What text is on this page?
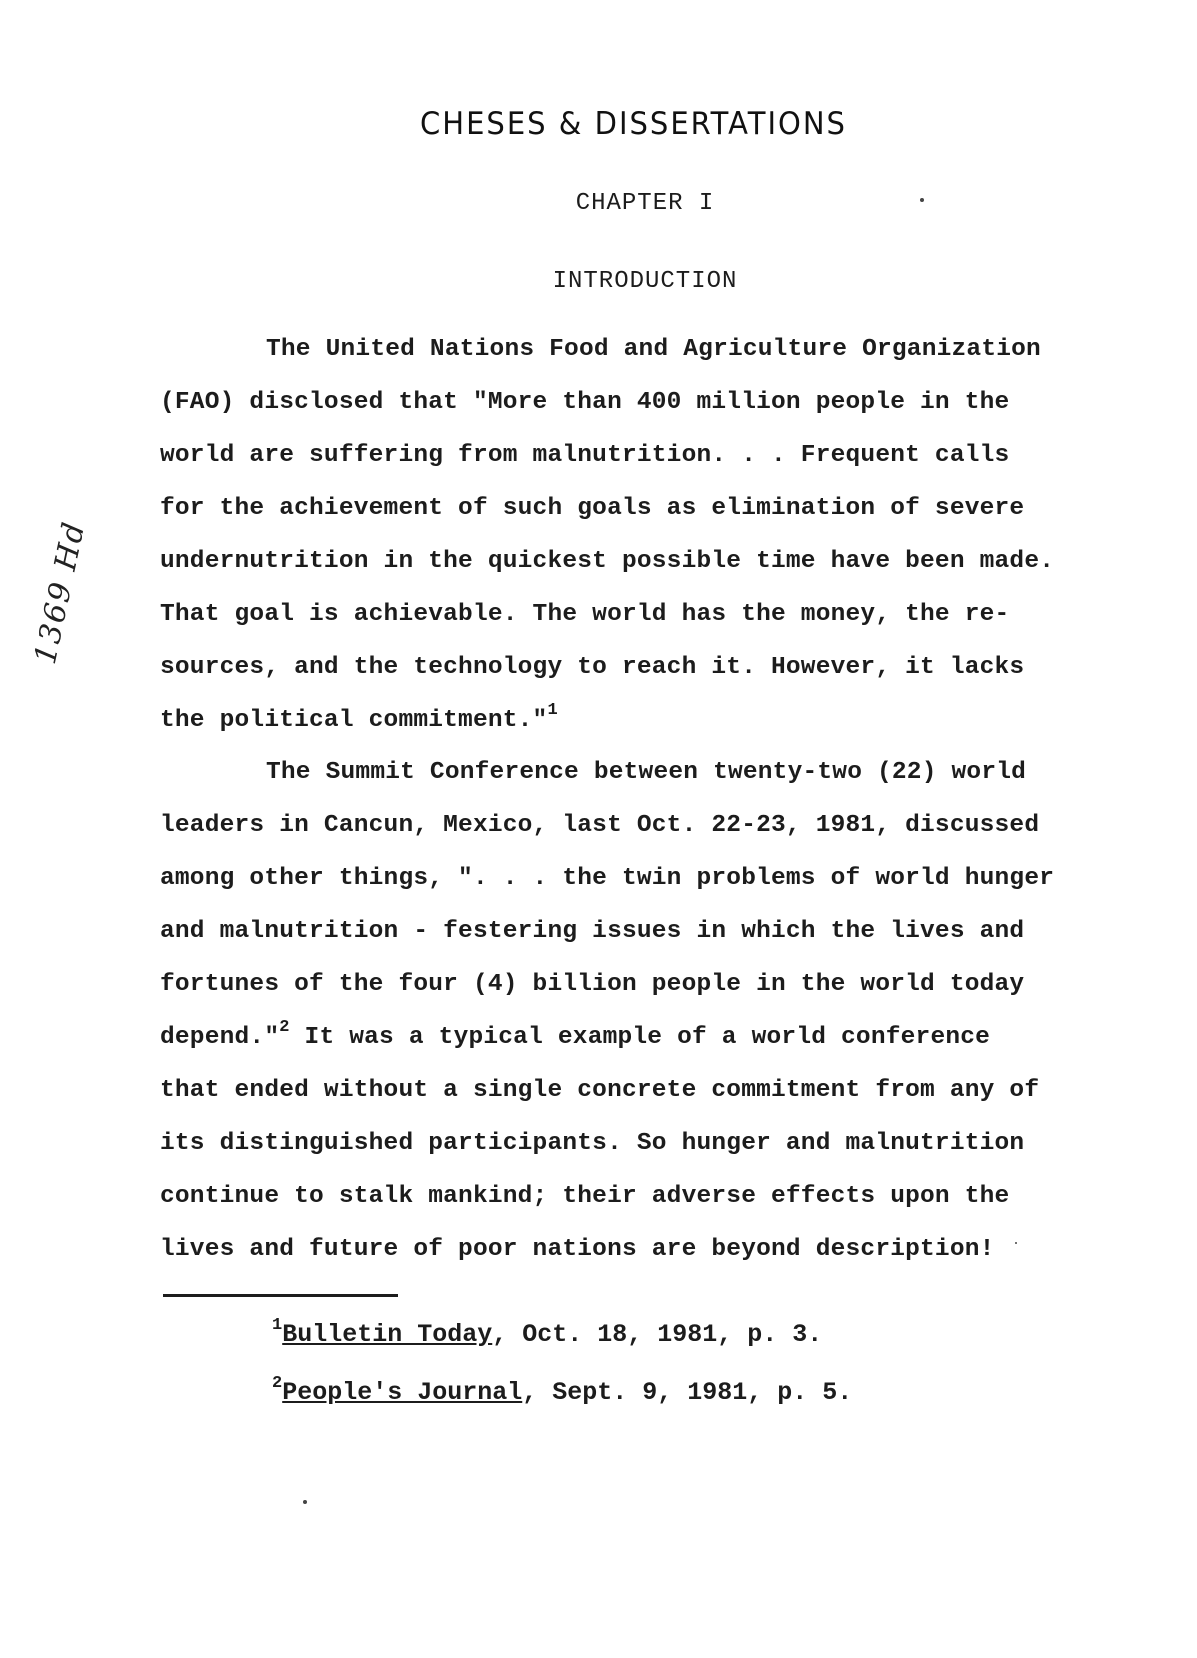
CHESES & DISSERTATIONS
CHAPTER I
INTRODUCTION
1369 Hd
The United Nations Food and Agriculture Organization
(FAO) disclosed that "More than 400 million people in the
world are suffering from malnutrition. . . Frequent calls
for the achievement of such goals as elimination of severe
undernutrition in the quickest possible time have been made.
That goal is achievable. The world has the money, the re-
sources, and the technology to reach it. However, it lacks
the political commitment."$^1$
The Summit Conference between twenty-two (22) world
leaders in Cancun, Mexico, last Oct. 22-23, 1981, discussed
among other things, ". . . the twin problems of world hunger
and malnutrition - festering issues in which the lives and
fortunes of the four (4) billion people in the world today
depend."$^2$ It was a typical example of a world conference
that ended without a single concrete commitment from any of
its distinguished participants. So hunger and malnutrition
continue to stalk mankind; their adverse effects upon the
lives and future of poor nations are beyond description!
$^1$Bulletin Today, Oct. 18, 1981, p. 3.
$^2$People's Journal, Sept. 9, 1981, p. 5.
